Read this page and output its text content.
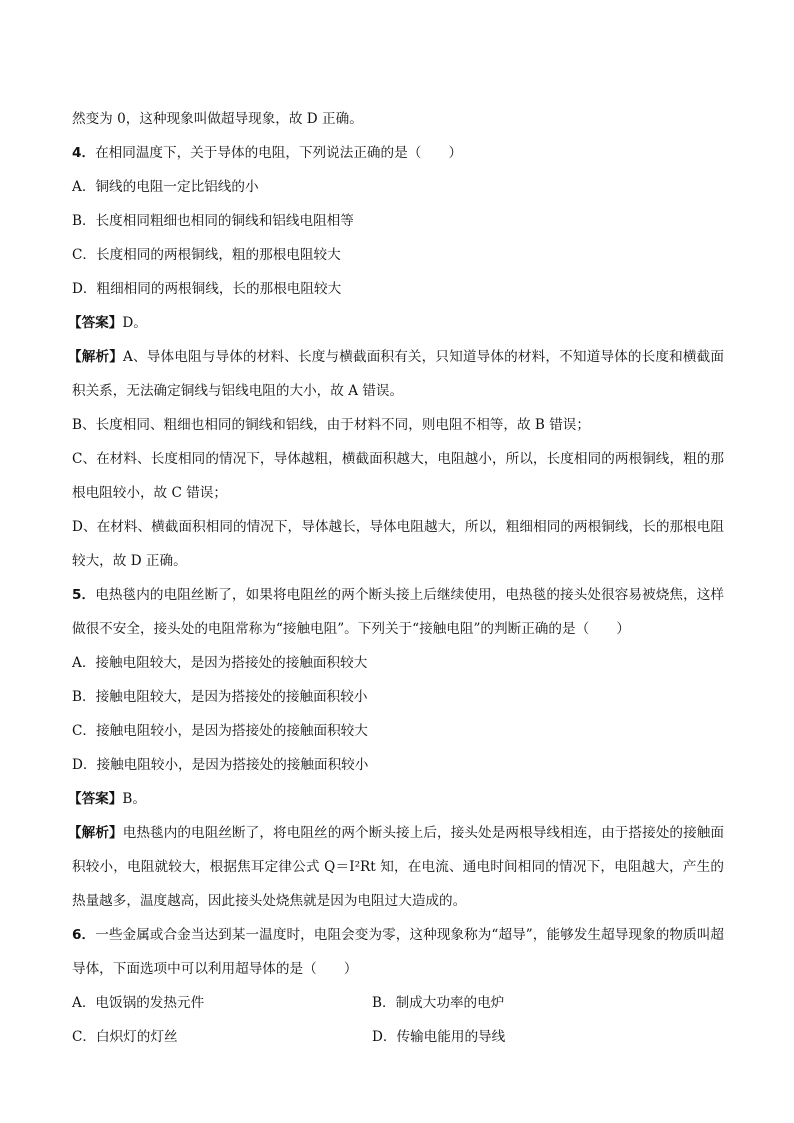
然变为 0，这种现象叫做超导现象，故 D 正确。
4．在相同温度下，关于导体的电阻，下列说法正确的是（　　）
A．铜线的电阻一定比铝线的小
B．长度相同粗细也相同的铜线和铝线电阻相等
C．长度相同的两根铜线，粗的那根电阻较大
D．粗细相同的两根铜线，长的那根电阻较大
【答案】D。
【解析】A、导体电阻与导体的材料、长度与横截面积有关，只知道导体的材料，不知道导体的长度和横截面积关系，无法确定铜线与铝线电阻的大小，故 A 错误。
B、长度相同、粗细也相同的铜线和铝线，由于材料不同，则电阻不相等，故 B 错误；
C、在材料、长度相同的情况下，导体越粗，横截面积越大，电阻越小，所以，长度相同的两根铜线，粗的那根电阻较小，故 C 错误；
D、在材料、横截面积相同的情况下，导体越长，导体电阻越大，所以，粗细相同的两根铜线，长的那根电阻较大，故 D 正确。
5．电热毯内的电阻丝断了，如果将电阻丝的两个断头接上后继续使用，电热毯的接头处很容易被烧焦，这样做很不安全，接头处的电阻常称为“接触电阻”。下列关于“接触电阻”的判断正确的是（　　）
A．接触电阻较大，是因为搭接处的接触面积较大
B．接触电阻较大，是因为搭接处的接触面积较小
C．接触电阻较小，是因为搭接处的接触面积较大
D．接触电阻较小，是因为搭接处的接触面积较小
【答案】B。
【解析】电热毯内的电阻丝断了，将电阻丝的两个断头接上后，接头处是两根导线相连，由于搭接处的接触面积较小，电阻就较大，根据焦耳定律公式 Q＝I²Rt 知，在电流、通电时间相同的情况下，电阻越大，产生的热量越多，温度越高，因此接头处烧焦就是因为电阻过大造成的。
6．一些金属或合金当达到某一温度时，电阻会变为零，这种现象称为“超导”，能够发生超导现象的物质叫超导体，下面选项中可以利用超导体的是（　　）
A．电饭锅的发热元件	B．制成大功率的电炉
C．白炽灯的灯丝	D．传输电能用的导线
